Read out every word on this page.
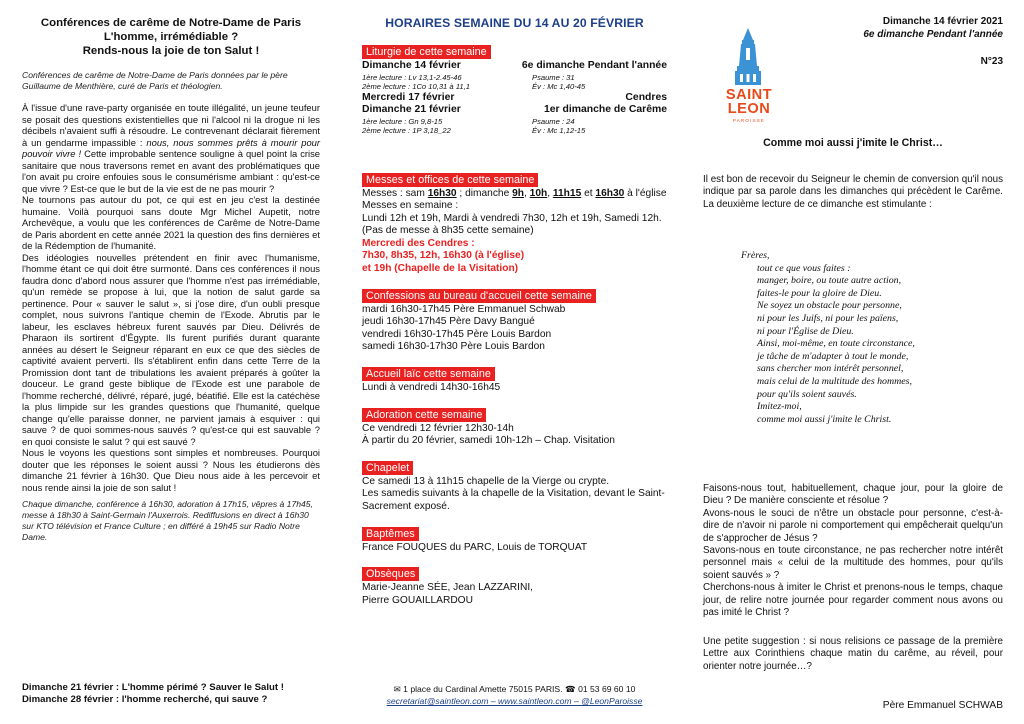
Conférences de carême de Notre-Dame de Paris
L'homme, irrémédiable ?
Rends-nous la joie de ton Salut !
Conférences de carême de Notre-Dame de Paris données par le père Guillaume de Menthière, curé de Paris et théologien.

À l'issue d'une rave-party organisée en toute illégalité, un jeune teufeur se posait des questions existentielles que ni l'alcool ni la drogue ni les décibels n'avaient suffi à résoudre. Le contrevenant déclarait fièrement à un gendarme impassible : nous, nous sommes prêts à mourir pour pouvoir vivre ! Cette improbable sentence souligne à quel point la crise sanitaire que nous traversons remet en avant des problématiques que l'on avait pu croire enfouies sous le consumérisme ambiant : qu'est-ce que vivre ? Est-ce que le but de la vie est de ne pas mourir ?

Ne tournons pas autour du pot, ce qui est en jeu c'est la destinée humaine. Voilà pourquoi sans doute Mgr Michel Aupetit, notre Archevêque, a voulu que les conférences de Carême de Notre-Dame de Paris abordent en cette année 2021 la question des fins dernières et de la Rédemption de l'humanité.

Des idéologies nouvelles prétendent en finir avec l'humanisme, l'homme étant ce qui doit être surmonté. Dans ces conférences il nous faudra donc d'abord nous assurer que l'homme n'est pas irrémédiable, qu'un remède se propose à lui, que la notion de salut garde sa pertinence. Pour « sauver le salut », si j'ose dire, d'un oubli presque complet, nous suivrons l'antique chemin de l'Exode. Abrutis par le labeur, les esclaves hébreux furent sauvés par Dieu. Délivrés de Pharaon ils sortirent d'Égypte. Ils furent purifiés durant quarante années au désert le Seigneur réparant en eux ce que des siècles de captivité avaient perverti. Ils s'établirent enfin dans cette Terre de la Promission dont tant de tribulations les avaient préparés à goûter la douceur. Le grand geste biblique de l'Exode est une parabole de l'homme recherché, délivré, réparé, jugé, béatifié. Elle est la catéchèse la plus limpide sur les grandes questions que l'humanité, quelque change qu'elle paraisse donner, ne parvient jamais à esquiver : qui sauve ? de quoi sommes-nous sauvés ? qu'est-ce qui est sauvable ? en quoi consiste le salut ? qui est sauvé ?

Nous le voyons les questions sont simples et nombreuses. Pourquoi douter que les réponses le soient aussi ? Nous les étudierons dès dimanche 21 février à 16h30. Que Dieu nous aide à les percevoir et nous rende ainsi la joie de son salut !

Chaque dimanche, conférence à 16h30, adoration à 17h15, vêpres à 17h45, messe à 18h30 à Saint-Germain l'Auxerrois. Rediffusions en direct à 16h30 sur KTO télévision et France Culture ; en différé à 19h45 sur Radio Notre Dame.
Dimanche 21 février : L'homme périmé ? Sauver le Salut !
Dimanche 28 février : l'homme recherché, qui sauve ?
HORAIRES SEMAINE DU 14 AU 20 FÉVRIER
Liturgie de cette semaine
Dimanche 14 février	6e dimanche Pendant l'année
1ère lecture : Lv 13,1-2.45-46	Psaume : 31
2ème lecture : 1Co 10,31 à 11,1	Év : Mc 1,40-45
Mercredi 17 février	Cendres
Dimanche 21 février	1er dimanche de Carême
1ère lecture : Gn 9,8-15	Psaume : 24
2ème lecture : 1P 3,18_22	Év : Mc 1,12-15
Messes et offices de cette semaine
Messes : sam 16h30 ; dimanche 9h, 10h, 11h15 et 16h30 à l'église
Messes en semaine :
Lundi 12h et 19h, Mardi à vendredi 7h30, 12h et 19h, Samedi 12h. (Pas de messe à 8h35 cette semaine)
Mercredi des Cendres :
7h30, 8h35, 12h, 16h30 (à l'église)
et 19h (Chapelle de la Visitation)
Confessions au bureau d'accueil cette semaine
mardi 16h30-17h45 Père Emmanuel Schwab
jeudi 16h30-17h45 Père Davy Bangué
vendredi 16h30-17h45 Père Louis Bardon
samedi 16h30-17h30 Père Louis Bardon
Accueil laïc cette semaine
Lundi à vendredi 14h30-16h45
Adoration cette semaine
Ce vendredi 12 février 12h30-14h
À partir du 20 février, samedi 10h-12h – Chap. Visitation
Chapelet
Ce samedi 13 à 11h15 chapelle de la Vierge ou crypte.
Les samedis suivants à la chapelle de la Visitation, devant le Saint-Sacrement exposé.
Baptêmes
France FOUQUES du PARC, Louis de TORQUAT
Obsèques
Marie-Jeanne SÉE, Jean LAZZARINI,
Pierre GOUAILLARDOU
✉ 1 place du Cardinal Amette 75015 PARIS. ☎ 01 53 69 60 10
secretariat@saintleon.com – www.saintleon.com – @LeonParoisse
SAINT
LEON
PAROISSE
Dimanche 14 février 2021
6e dimanche Pendant l'année
N°23
Comme moi aussi j'imite le Christ…
Il est bon de recevoir du Seigneur le chemin de conversion qu'il nous indique par sa parole dans les dimanches qui précèdent le Carême. La deuxième lecture de ce dimanche est stimulante :
Frères,
tout ce que vous faites :
manger, boire, ou toute autre action,
faites-le pour la gloire de Dieu.
Ne soyez un obstacle pour personne,
ni pour les Juifs, ni pour les païens,
ni pour l'Église de Dieu.
Ainsi, moi-même, en toute circonstance,
je tâche de m'adapter à tout le monde,
sans chercher mon intérêt personnel,
mais celui de la multitude des hommes,
pour qu'ils soient sauvés.
Imitez-moi,
comme moi aussi j'imite le Christ.

Faisons-nous tout, habituellement, chaque jour, pour la gloire de Dieu ? De manière consciente et résolue ?

Avons-nous le souci de n'être un obstacle pour personne, c'est-à-dire de n'avoir ni parole ni comportement qui empêcherait quelqu'un de s'approcher de Jésus ?

Savons-nous en toute circonstance, ne pas rechercher notre intérêt personnel mais « celui de la multitude des hommes, pour qu'ils soient sauvés » ?

Cherchons-nous à imiter le Christ et prenons-nous le temps, chaque jour, de relire notre journée pour regarder comment nous avons ou pas imité le Christ ?

Une petite suggestion : si nous relisions ce passage de la première Lettre aux Corinthiens chaque matin du carême, au réveil, pour orienter notre journée…?
Père Emmanuel SCHWAB
